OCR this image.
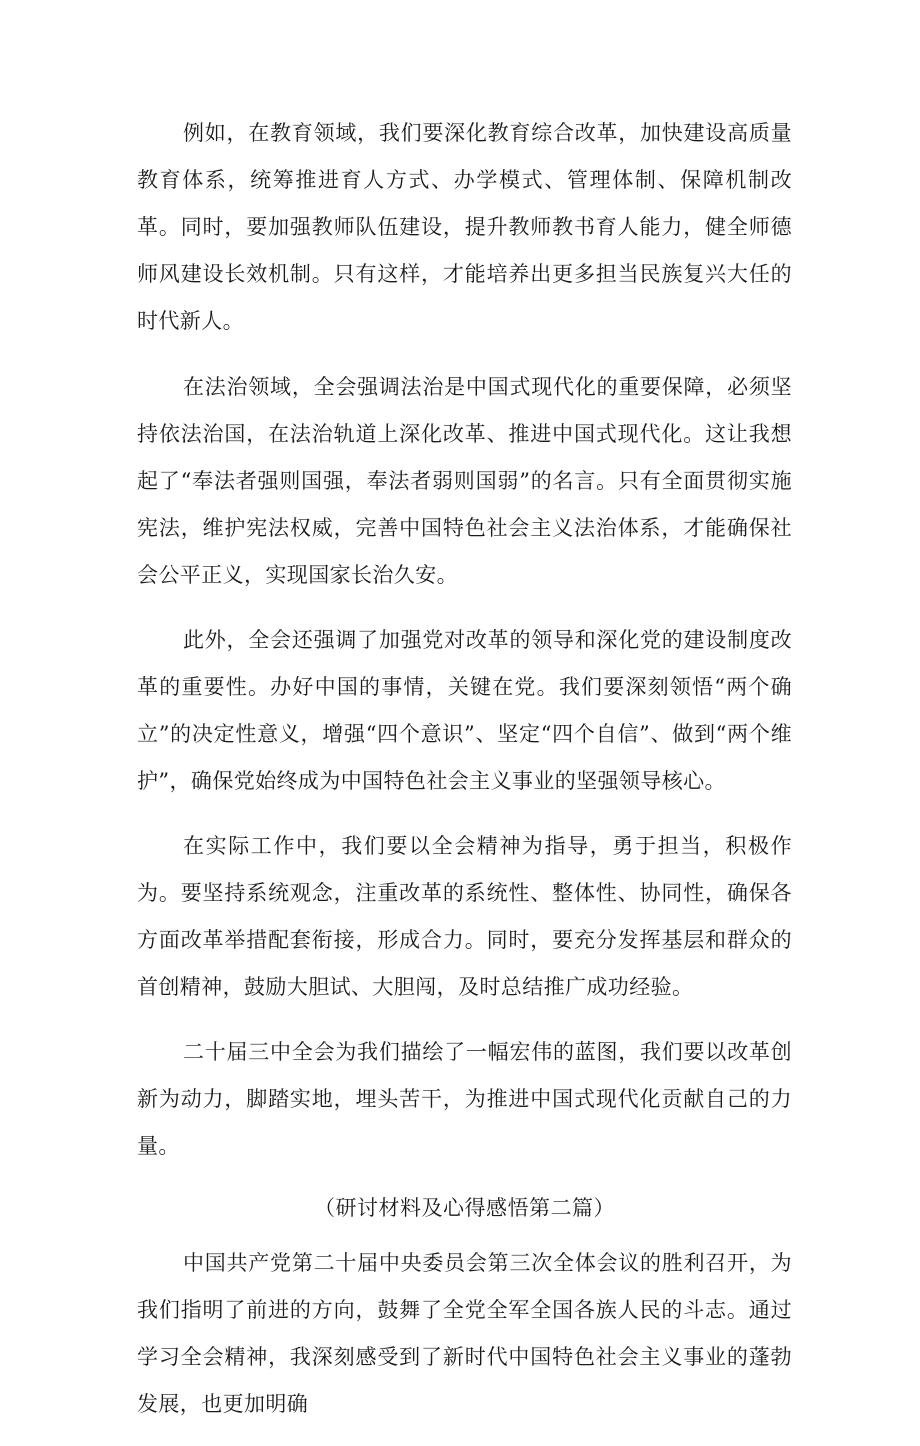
例如，在教育领域，我们要深化教育综合改革，加快建设高质量教育体系，统筹推进育人方式、办学模式、管理体制、保障机制改革。同时，要加强教师队伍建设，提升教师教书育人能力，健全师德师风建设长效机制。只有这样，才能培养出更多担当民族复兴大任的时代新人。

在法治领域，全会强调法治是中国式现代化的重要保障，必须坚持依法治国，在法治轨道上深化改革、推进中国式现代化。这让我想起了“奉法者强则国强，奉法者弱则国弱”的名言。只有全面贯彻实施宪法，维护宪法权威，完善中国特色社会主义法治体系，才能确保社会公平正义，实现国家长治久安。

此外，全会还强调了加强党对改革的领导和深化党的建设制度改革的重要性。办好中国的事情，关键在党。我们要深刻领悟“两个确立”的决定性意义，增强“四个意识”、坚定“四个自信”、做到“两个维护”，确保党始终成为中国特色社会主义事业的坚强领导核心。

在实际工作中，我们要以全会精神为指导，勇于担当，积极作为。要坚持系统观念，注重改革的系统性、整体性、协同性，确保各方面改革举措配套衔接，形成合力。同时，要充分发挥基层和群众的首创精神，鼓励大胆试、大胆闯，及时总结推广成功经验。

二十届三中全会为我们描绘了一幅宏伟的蓝图，我们要以改革创新为动力，脚踏实地，埋头苦干，为推进中国式现代化贡献自己的力量。

（研讨材料及心得感悟第二篇）

中国共产党第二十届中央委员会第三次全体会议的胜利召开，为我们指明了前进的方向，鼓舞了全党全军全国各族人民的斗志。通过学习全会精神，我深刻感受到了新时代中国特色社会主义事业的蓬勃发展，也更加明确
